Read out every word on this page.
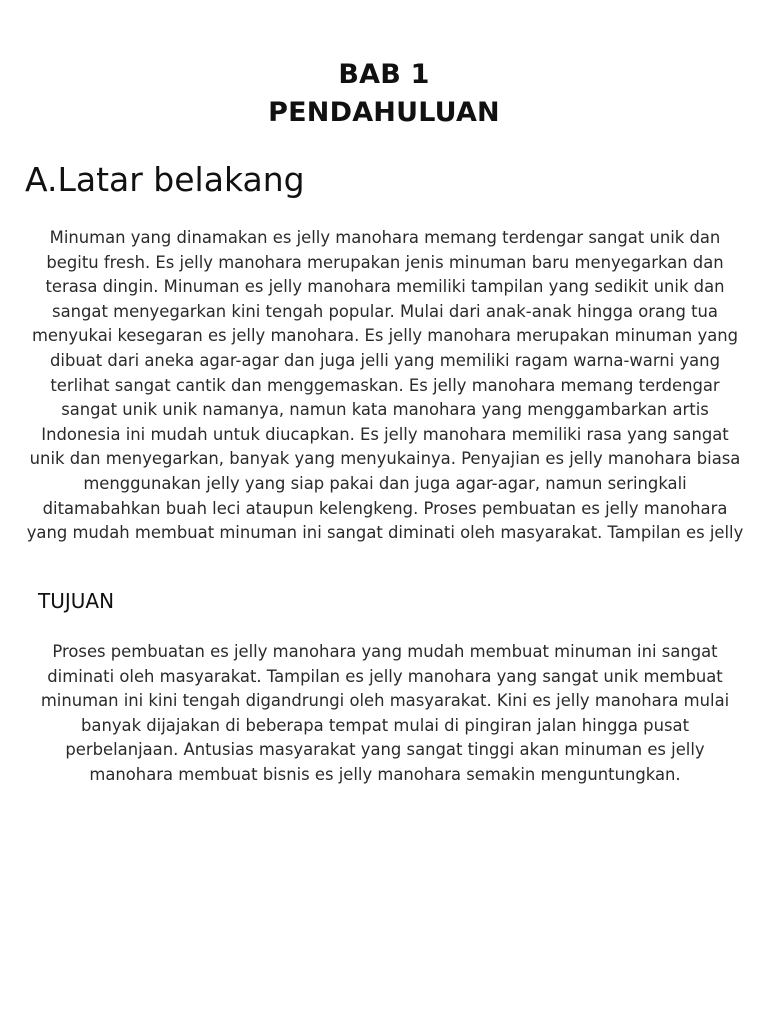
BAB 1
PENDAHULUAN
A.Latar belakang

Minuman yang dinamakan es jelly manohara memang terdengar sangat unik dan begitu fresh. Es jelly manohara merupakan jenis minuman baru menyegarkan dan terasa dingin. Minuman es jelly manohara memiliki tampilan yang sedikit unik dan sangat menyegarkan kini tengah popular. Mulai dari anak-anak hingga orang tua menyukai kesegaran es jelly manohara. Es jelly manohara merupakan minuman yang dibuat dari aneka agar-agar dan juga jelli yang memiliki ragam warna-warni yang terlihat sangat cantik dan menggemaskan. Es jelly manohara memang terdengar sangat unik unik namanya, namun kata manohara yang menggambarkan artis Indonesia ini mudah untuk diucapkan. Es jelly manohara memiliki rasa yang sangat unik dan menyegarkan, banyak yang menyukainya. Penyajian es jelly manohara biasa menggunakan jelly yang siap pakai dan juga agar-agar, namun seringkali ditamabahkan buah leci ataupun kelengkeng. Proses pembuatan es jelly manohara yang mudah membuat minuman ini sangat diminati oleh masyarakat. Tampilan es jelly

TUJUAN

Proses pembuatan es jelly manohara yang mudah membuat minuman ini sangat diminati oleh masyarakat. Tampilan es jelly manohara yang sangat unik membuat minuman ini kini tengah digandrungi oleh masyarakat. Kini es jelly manohara mulai banyak dijajakan di beberapa tempat mulai di pingiran jalan hingga pusat perbelanjaan. Antusias masyarakat yang sangat tinggi akan minuman es jelly manohara membuat bisnis es jelly manohara semakin menguntungkan.
